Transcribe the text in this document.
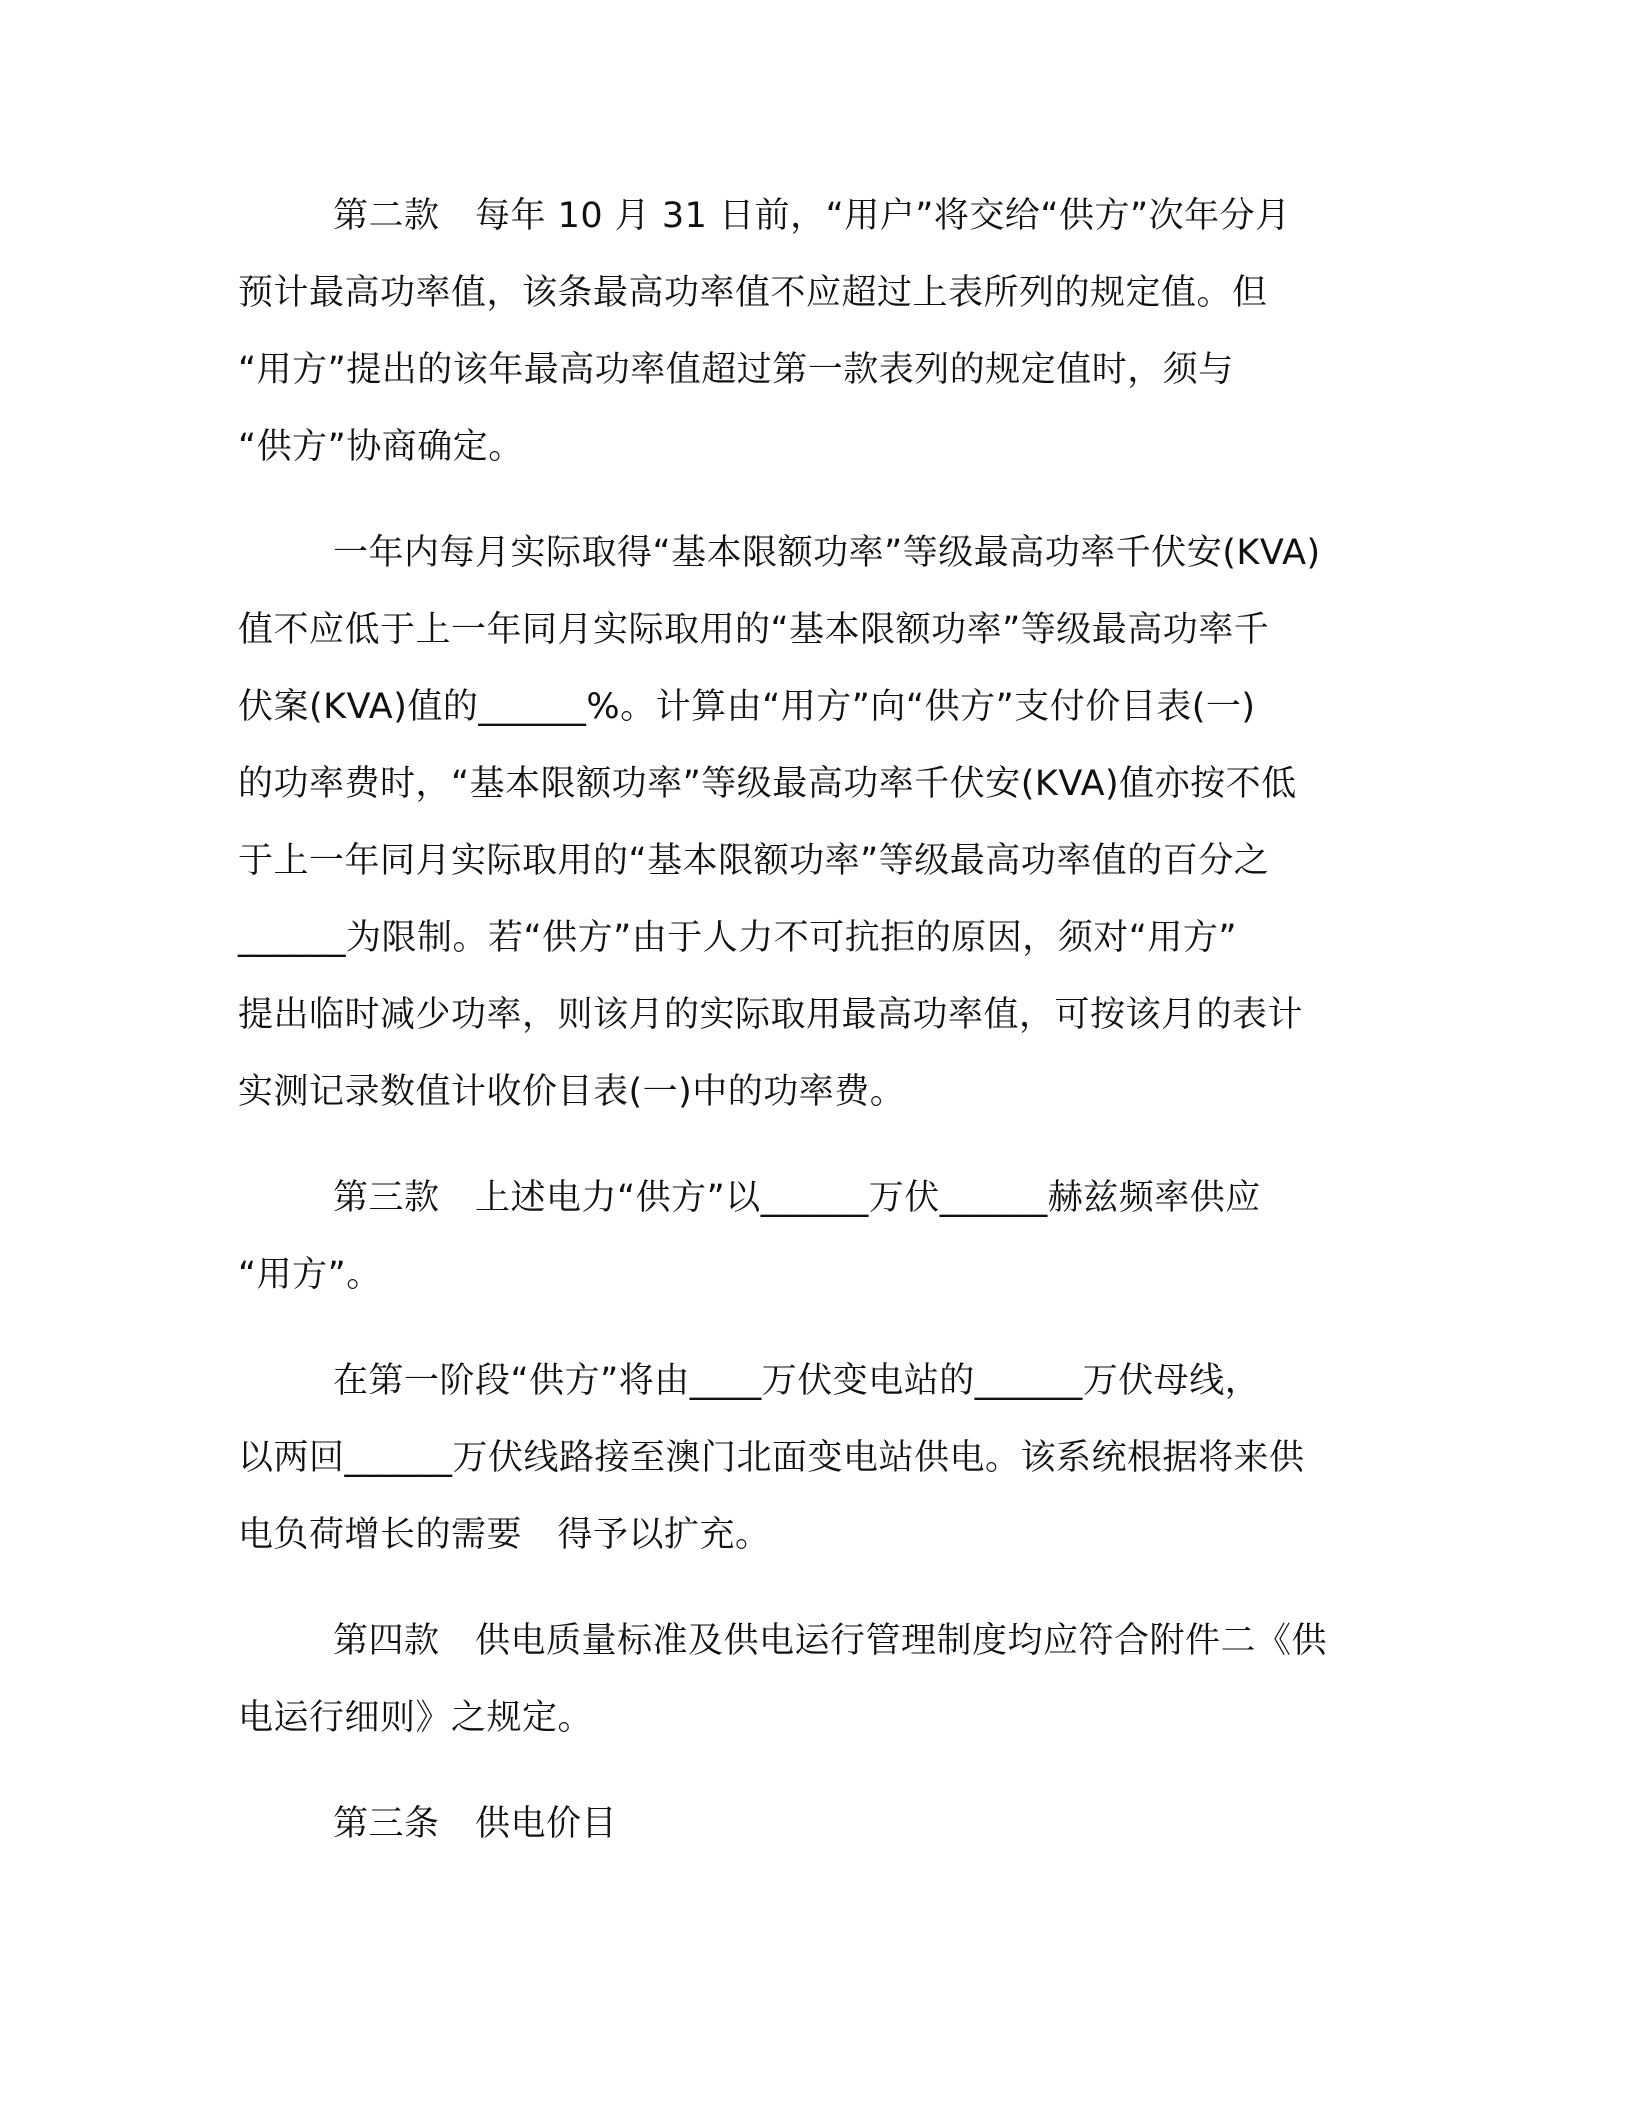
第二款　每年 10 月 31 日前，“用户”将交给“供方”次年分月
预计最高功率值，该条最高功率值不应超过上表所列的规定值。但
“用方”提出的该年最高功率值超过第一款表列的规定值时，须与
“供方”协商确定。
一年内每月实际取得“基本限额功率”等级最高功率千伏安(KVA)
值不应低于上一年同月实际取用的“基本限额功率”等级最高功率千
伏案(KVA)值的______%。计算由“用方”向“供方”支付价目表(一)
的功率费时，“基本限额功率”等级最高功率千伏安(KVA)值亦按不低
于上一年同月实际取用的“基本限额功率”等级最高功率值的百分之
______为限制。若“供方”由于人力不可抗拒的原因，须对“用方”
提出临时减少功率，则该月的实际取用最高功率值，可按该月的表计
实测记录数值计收价目表(一)中的功率费。
第三款　上述电力“供方”以______万伏______赫兹频率供应
“用方”。
在第一阶段“供方”将由____万伏变电站的______万伏母线，
以两回______万伏线路接至澳门北面变电站供电。该系统根据将来供
电负荷增长的需要　得予以扩充。
第四款　供电质量标准及供电运行管理制度均应符合附件二《供
电运行细则》之规定。
第三条　供电价目
